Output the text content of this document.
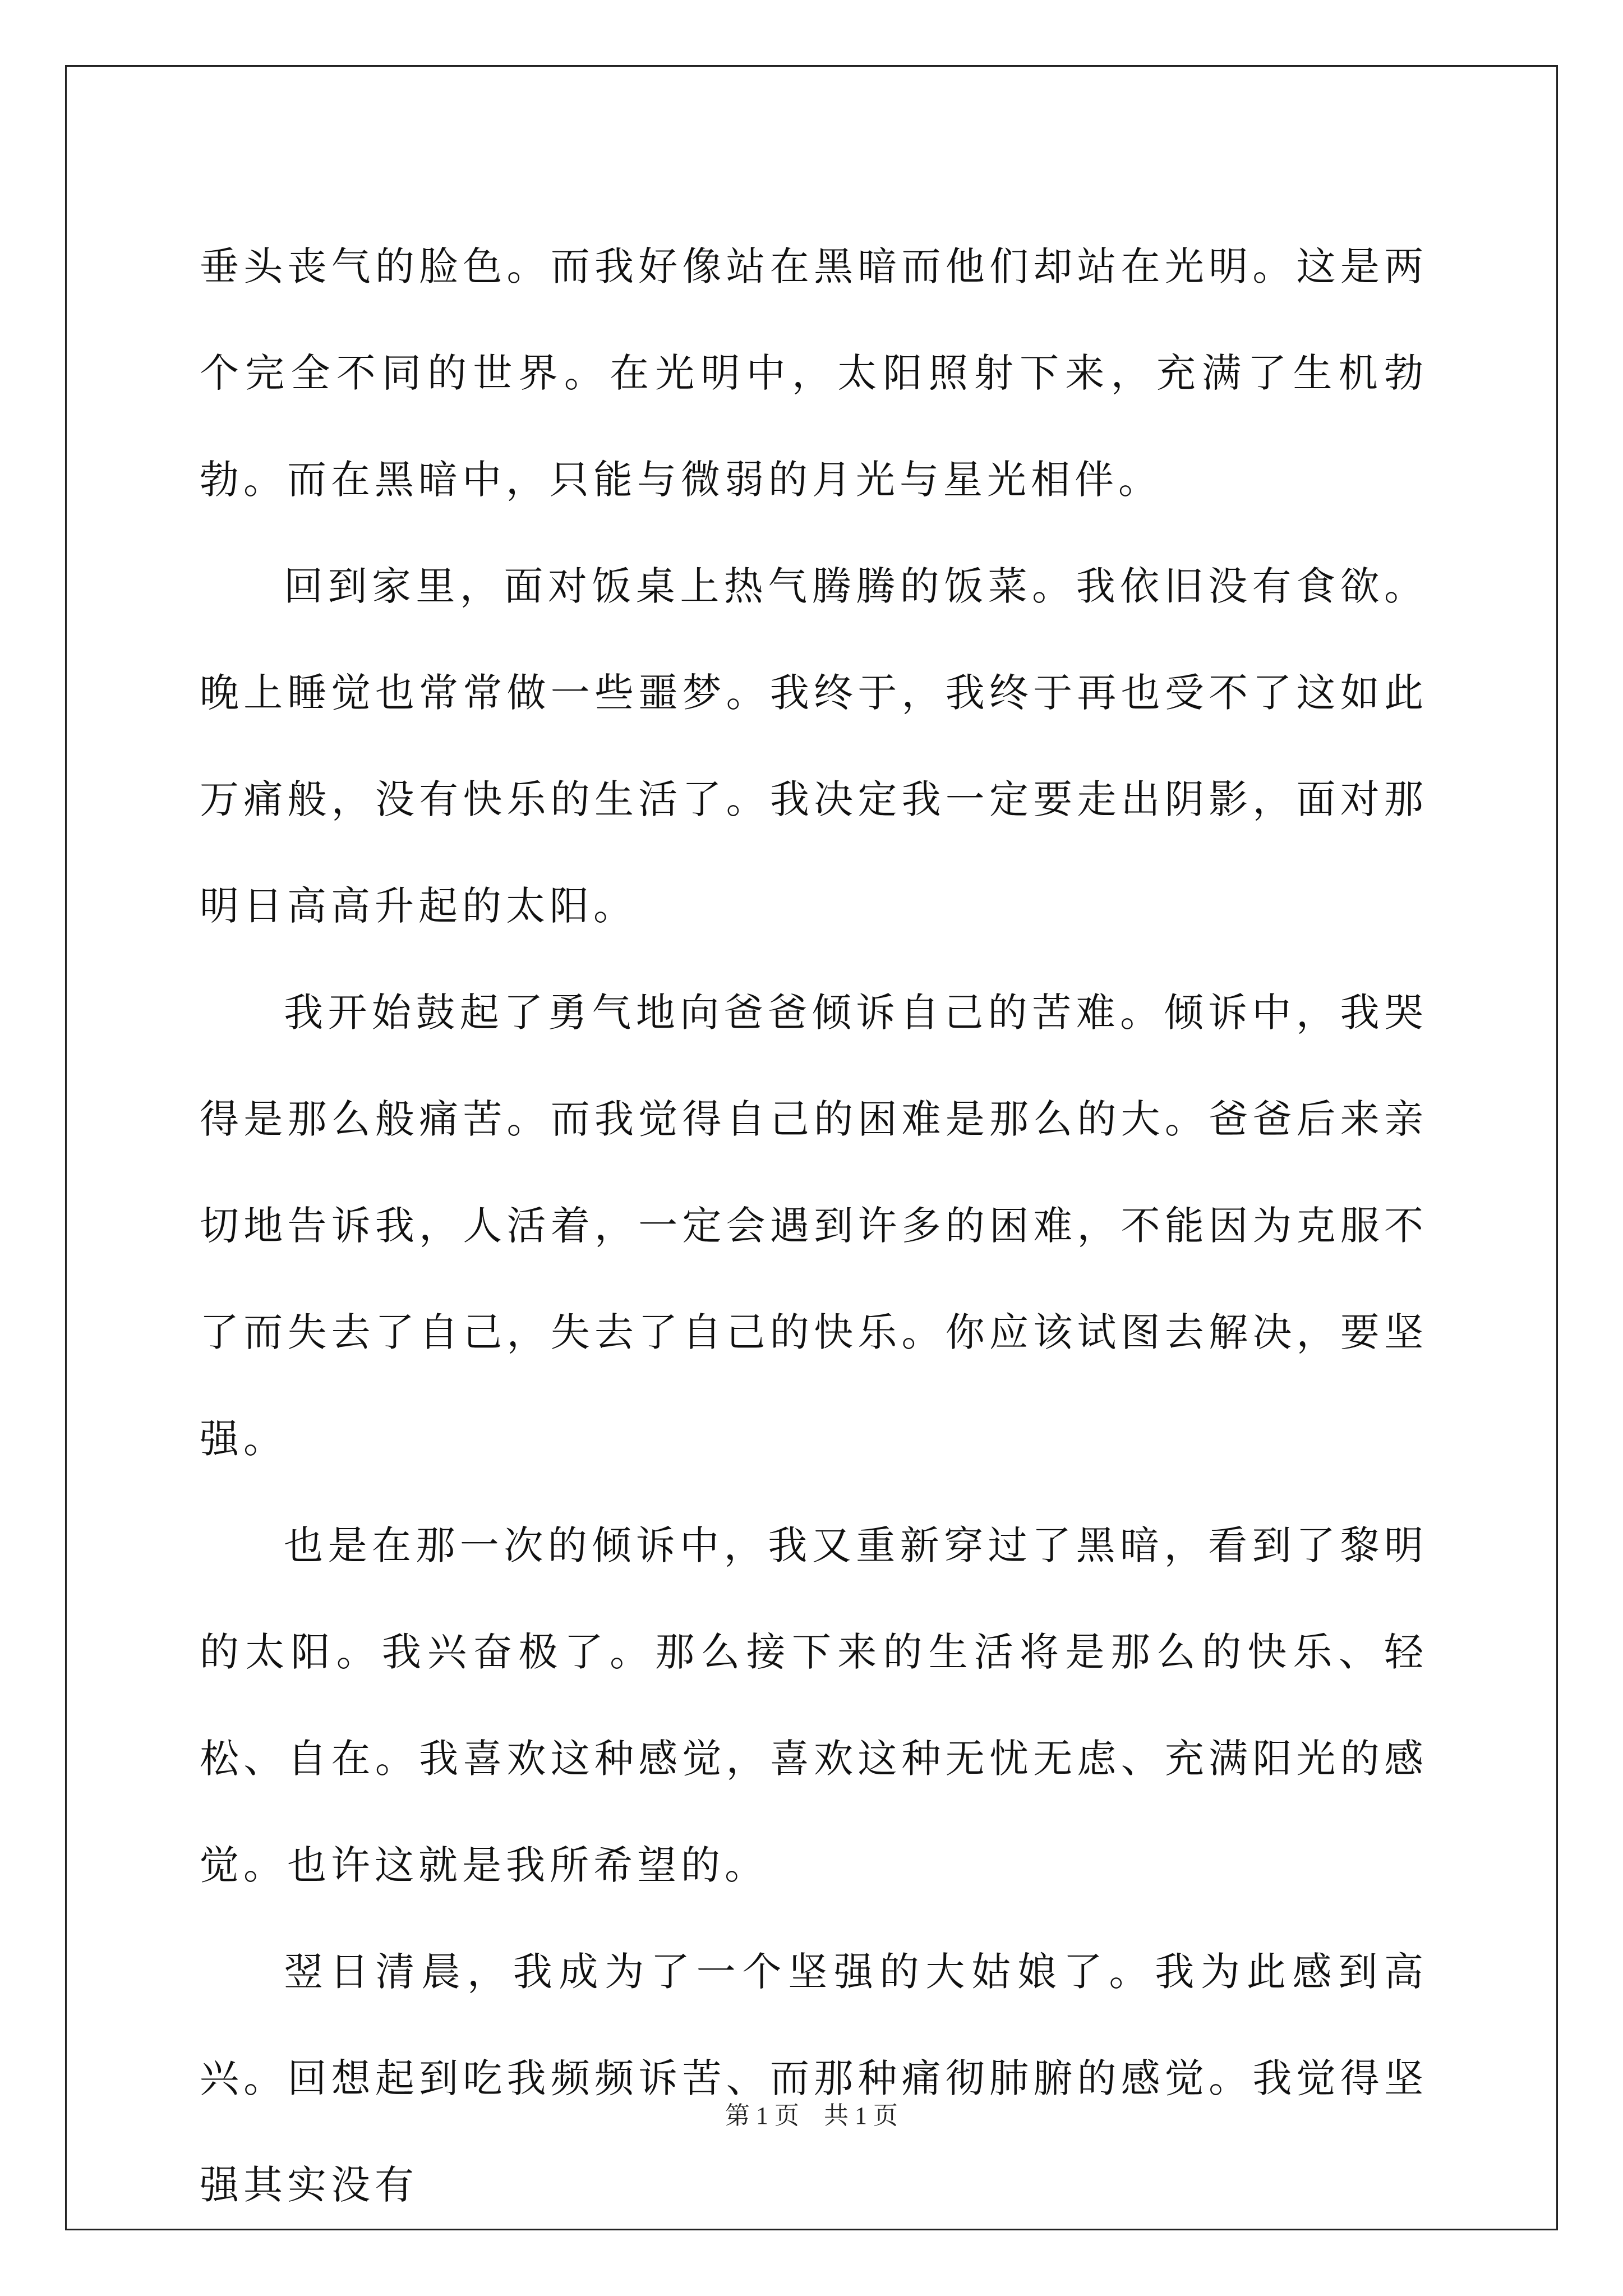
垂头丧气的脸色。而我好像站在黑暗而他们却站在光明。这是两个完全不同的世界。在光明中，太阳照射下来，充满了生机勃勃。而在黑暗中，只能与微弱的月光与星光相伴。

回到家里，面对饭桌上热气腾腾的饭菜。我依旧没有食欲。晚上睡觉也常常做一些噩梦。我终于，我终于再也受不了这如此万痛般，没有快乐的生活了。我决定我一定要走出阴影，面对那明日高高升起的太阳。

我开始鼓起了勇气地向爸爸倾诉自己的苦难。倾诉中，我哭得是那么般痛苦。而我觉得自己的困难是那么的大。爸爸后来亲切地告诉我，人活着，一定会遇到许多的困难，不能因为克服不了而失去了自己，失去了自己的快乐。你应该试图去解决，要坚强。

也是在那一次的倾诉中，我又重新穿过了黑暗，看到了黎明的太阳。我兴奋极了。那么接下来的生活将是那么的快乐、轻松、自在。我喜欢这种感觉，喜欢这种无忧无虑、充满阳光的感觉。也许这就是我所希望的。

翌日清晨，我成为了一个坚强的大姑娘了。我为此感到高兴。回想起到吃我频频诉苦、而那种痛彻肺腑的感觉。我觉得坚强其实没有

第 1 页    共 1 页
